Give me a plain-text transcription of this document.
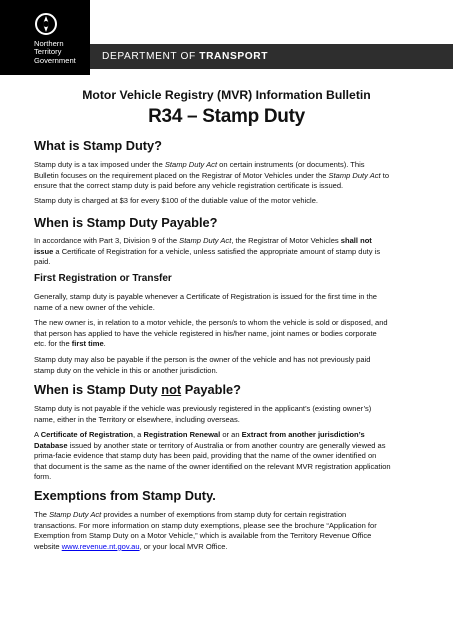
Northern
Territory
Government	DEPARTMENT OF TRANSPORT
Motor Vehicle Registry (MVR) Information Bulletin
R34 – Stamp Duty
What is Stamp Duty?
Stamp duty is a tax imposed under the Stamp Duty Act on certain instruments (or documents). This
Bulletin focuses on the requirement placed on the Registrar of Motor Vehicles under the Stamp Duty Act to
ensure that the correct stamp duty is paid before any vehicle registration certificate is issued.
Stamp duty is charged at $3 for every $100 of the dutiable value of the motor vehicle.
When is Stamp Duty Payable?
In accordance with Part 3, Division 9 of the Stamp Duty Act, the Registrar of Motor Vehicles shall not
issue a Certificate of Registration for a vehicle, unless satisfied the appropriate amount of stamp duty is
paid.
First Registration or Transfer
Generally, stamp duty is payable whenever a Certificate of Registration is issued for the first time in the
name of a new owner of the vehicle.
The new owner is, in relation to a motor vehicle, the person/s to whom the vehicle is sold or disposed, and
that person has applied to have the vehicle registered in his/her name, joint names or bodies corporate
etc. for the first time.
Stamp duty may also be payable if the person is the owner of the vehicle and has not previously paid
stamp duty on the vehicle in this or another jurisdiction.
When is Stamp Duty not Payable?
Stamp duty is not payable if the vehicle was previously registered in the applicant’s (existing owner’s)
name, either in the Territory or elsewhere, including overseas.
A Certificate of Registration, a Registration Renewal or an Extract from another jurisdiction’s
Database issued by another state or territory of Australia or from another country are generally viewed as
prima-facie evidence that stamp duty has been paid, providing that the name of the owner identified on
that document is the same as the name of the owner identified on the relevant MVR registration application
form.
Exemptions from Stamp Duty.
The Stamp Duty Act provides a number of exemptions from stamp duty for certain registration
transactions. For more information on stamp duty exemptions, please see the brochure “Application for
Exemption from Stamp Duty on a Motor Vehicle,” which is available from the Territory Revenue Office
website www.revenue.nt.gov.au, or your local MVR Office.
